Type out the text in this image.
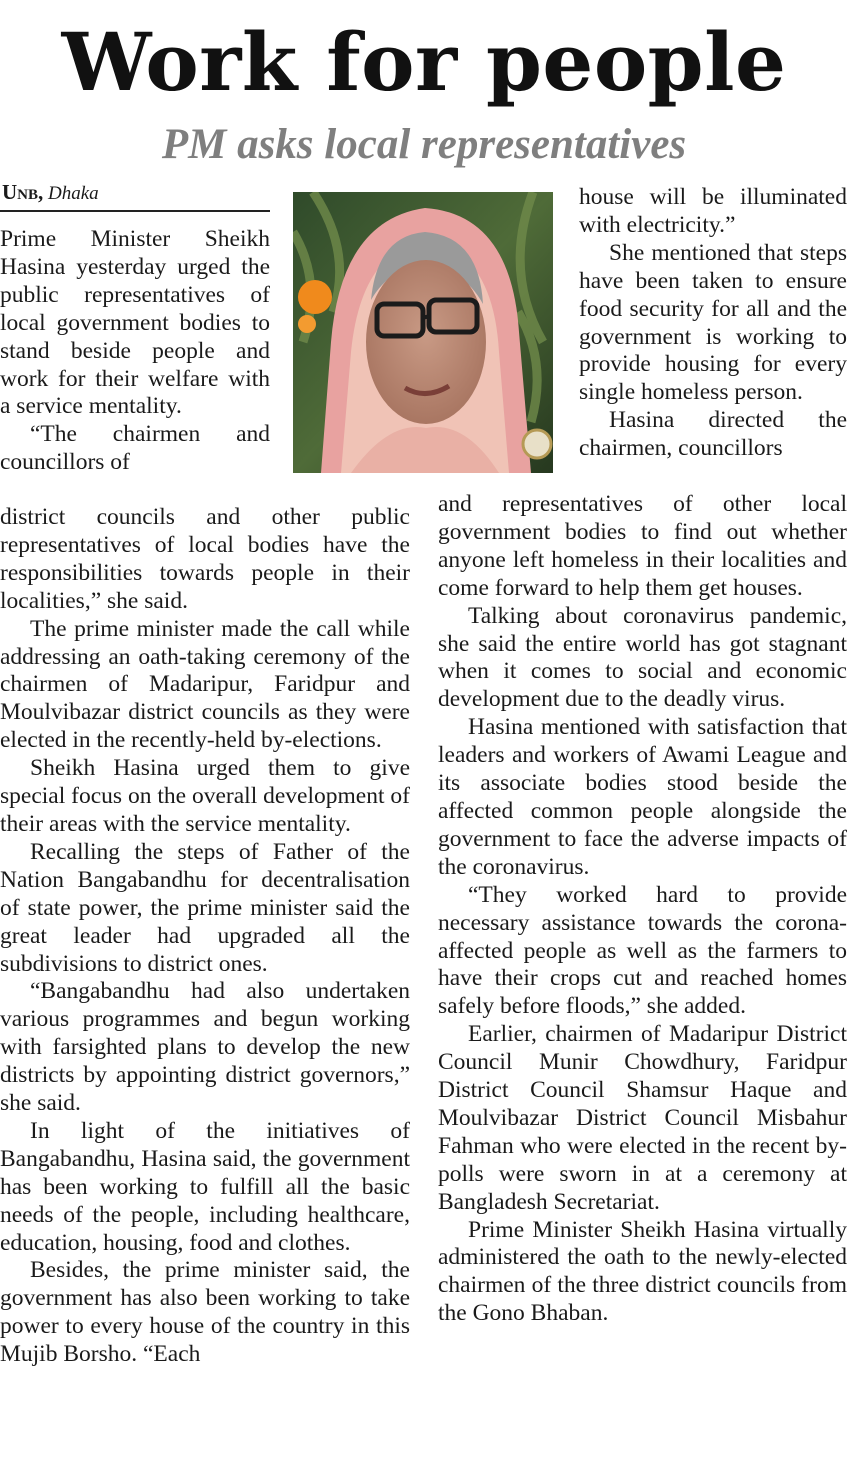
Work for people
PM asks local representatives
Unb, Dhaka

Prime Minister Sheikh Hasina yesterday urged the public representatives of local government bodies to stand beside people and work for their welfare with a service mentality.

“The chairmen and councillors of

district councils and other public representatives of local bodies have the responsibilities towards people in their localities,” she said.

The prime minister made the call while addressing an oath-taking ceremony of the chairmen of Madaripur, Faridpur and Moulvibazar district councils as they were elected in the recently-held by-elections.

Sheikh Hasina urged them to give special focus on the overall development of their areas with the service mentality.

Recalling the steps of Father of the Nation Bangabandhu for decentralisation of state power, the prime minister said the great leader had upgraded all the subdivisions to district ones.

“Bangabandhu had also undertaken various programmes and begun working with farsighted plans to develop the new districts by appointing district governors,” she said.

In light of the initiatives of Bangabandhu, Hasina said, the government has been working to fulfill all the basic needs of the people, including healthcare, education, housing, food and clothes.

Besides, the prime minister said, the government has also been working to take power to every house of the country in this Mujib Borsho. “Each

house will be illuminated with electricity.”

She mentioned that steps have been taken to ensure food security for all and the government is working to provide housing for every single homeless person.

Hasina directed the chairmen, councillors

and representatives of other local government bodies to find out whether anyone left homeless in their localities and come forward to help them get houses.

Talking about coronavirus pandemic, she said the entire world has got stagnant when it comes to social and economic development due to the deadly virus.

Hasina mentioned with satisfaction that leaders and workers of Awami League and its associate bodies stood beside the affected common people alongside the government to face the adverse impacts of the coronavirus.

“They worked hard to provide necessary assistance towards the corona-affected people as well as the farmers to have their crops cut and reached homes safely before floods,” she added.

Earlier, chairmen of Madaripur District Council Munir Chowdhury, Faridpur District Council Shamsur Haque and Moulvibazar District Council Misbahur Fahman who were elected in the recent by-polls were sworn in at a ceremony at Bangladesh Secretariat.

Prime Minister Sheikh Hasina virtually administered the oath to the newly-elected chairmen of the three district councils from the Gono Bhaban.
